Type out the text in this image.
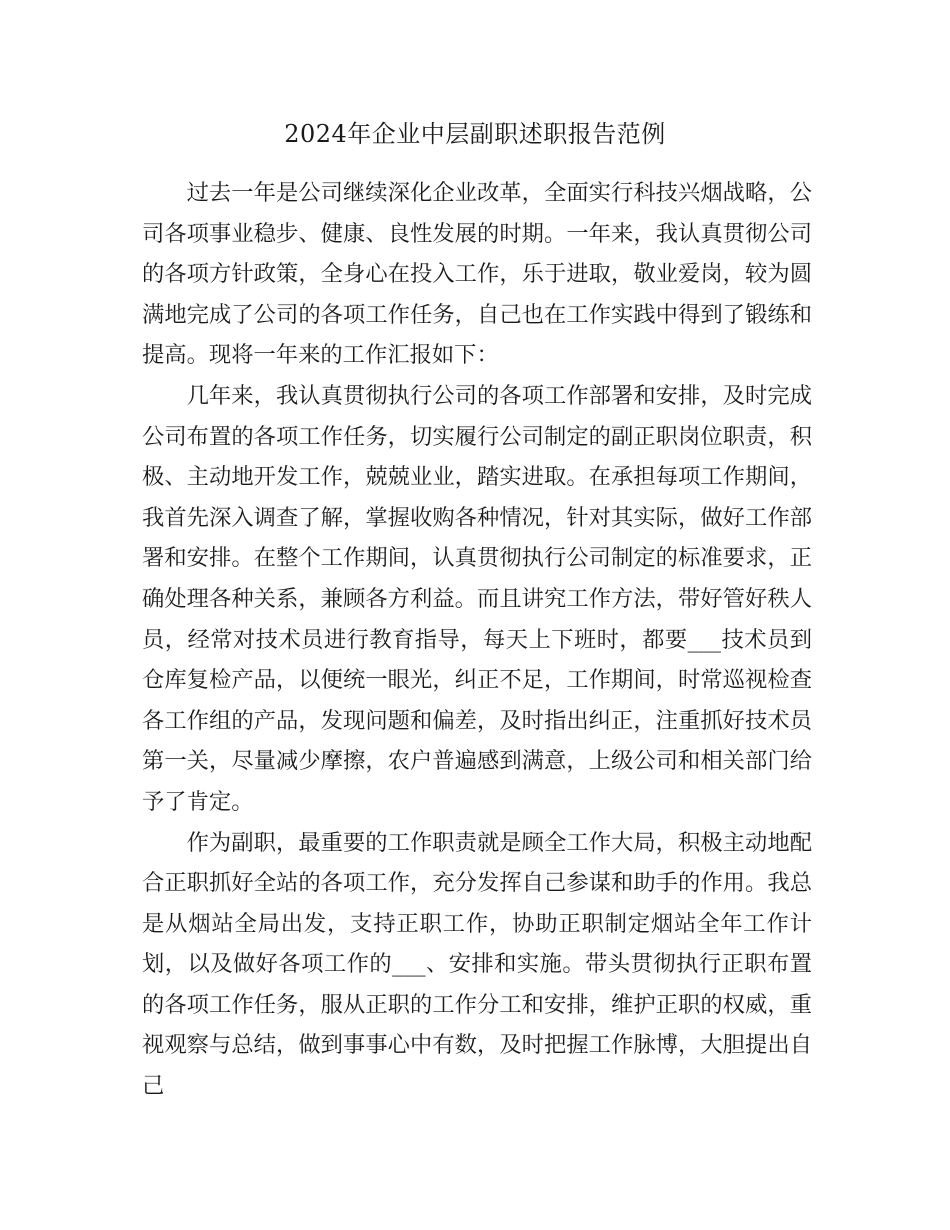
2024年企业中层副职述职报告范例

过去一年是公司继续深化企业改革，全面实行科技兴烟战略，公司各项事业稳步、健康、良性发展的时期。一年来，我认真贯彻公司的各项方针政策，全身心在投入工作，乐于进取，敬业爱岗，较为圆满地完成了公司的各项工作任务，自己也在工作实践中得到了锻练和提高。现将一年来的工作汇报如下：

几年来，我认真贯彻执行公司的各项工作部署和安排，及时完成公司布置的各项工作任务，切实履行公司制定的副正职岗位职责，积极、主动地开发工作，兢兢业业，踏实进取。在承担每项工作期间，我首先深入调查了解，掌握收购各种情况，针对其实际，做好工作部署和安排。在整个工作期间，认真贯彻执行公司制定的标准要求，正确处理各种关系，兼顾各方利益。而且讲究工作方法，带好管好秩人员，经常对技术员进行教育指导，每天上下班时，都要___技术员到仓库复检产品，以便统一眼光，纠正不足，工作期间，时常巡视检查各工作组的产品，发现问题和偏差，及时指出纠正，注重抓好技术员第一关，尽量减少摩擦，农户普遍感到满意，上级公司和相关部门给予了肯定。

作为副职，最重要的工作职责就是顾全工作大局，积极主动地配合正职抓好全站的各项工作，充分发挥自己参谋和助手的作用。我总是从烟站全局出发，支持正职工作，协助正职制定烟站全年工作计划，以及做好各项工作的___、安排和实施。带头贯彻执行正职布置的各项工作任务，服从正职的工作分工和安排，维护正职的权威，重视观察与总结，做到事事心中有数，及时把握工作脉博，大胆提出自己
